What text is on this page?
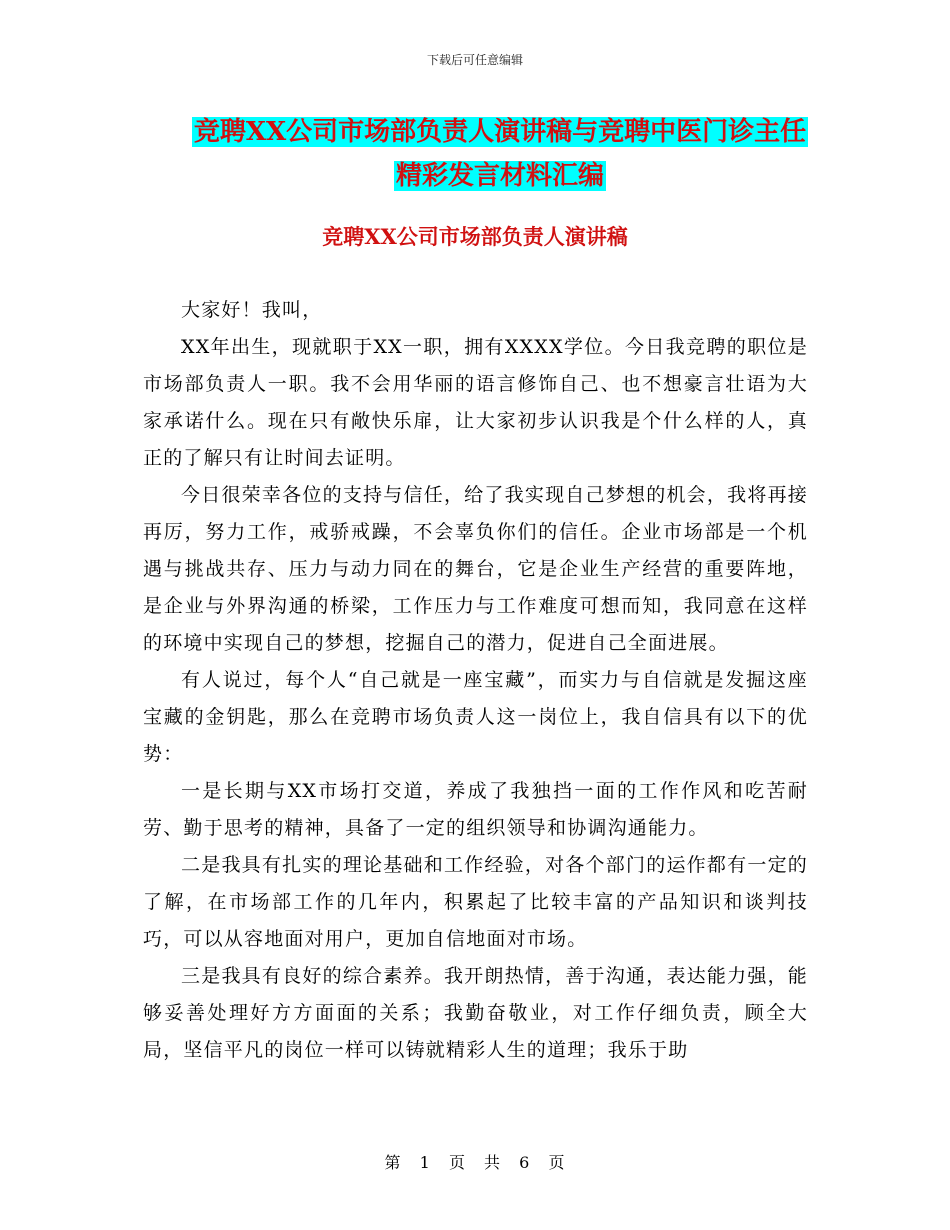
下载后可任意编辑
竞聘XX公司市场部负责人演讲稿与竞聘中医门诊主任
精彩发言材料汇编
竞聘XX公司市场部负责人演讲稿

大家好！我叫，

XX年出生，现就职于XX一职，拥有XXXX学位。今日我竞聘的职位是市场部负责人一职。我不会用华丽的语言修饰自己、也不想豪言壮语为大家承诺什么。现在只有敞快乐扉，让大家初步认识我是个什么样的人，真正的了解只有让时间去证明。

今日很荣幸各位的支持与信任，给了我实现自己梦想的机会，我将再接再厉，努力工作，戒骄戒躁，不会辜负你们的信任。企业市场部是一个机遇与挑战共存、压力与动力同在的舞台，它是企业生产经营的重要阵地，是企业与外界沟通的桥梁，工作压力与工作难度可想而知，我同意在这样的环境中实现自己的梦想，挖掘自己的潜力，促进自己全面进展。

有人说过，每个人“自己就是一座宝藏”，而实力与自信就是发掘这座宝藏的金钥匙，那么在竞聘市场负责人这一岗位上，我自信具有以下的优势：

一是长期与XX市场打交道，养成了我独挡一面的工作作风和吃苦耐劳、勤于思考的精神，具备了一定的组织领导和协调沟通能力。

二是我具有扎实的理论基础和工作经验，对各个部门的运作都有一定的了解，在市场部工作的几年内，积累起了比较丰富的产品知识和谈判技巧，可以从容地面对用户，更加自信地面对市场。

三是我具有良好的综合素养。我开朗热情，善于沟通，表达能力强，能够妥善处理好方方面面的关系；我勤奋敬业，对工作仔细负责，顾全大局，坚信平凡的岗位一样可以铸就精彩人生的道理；我乐于助

第 1 页 共 6 页
